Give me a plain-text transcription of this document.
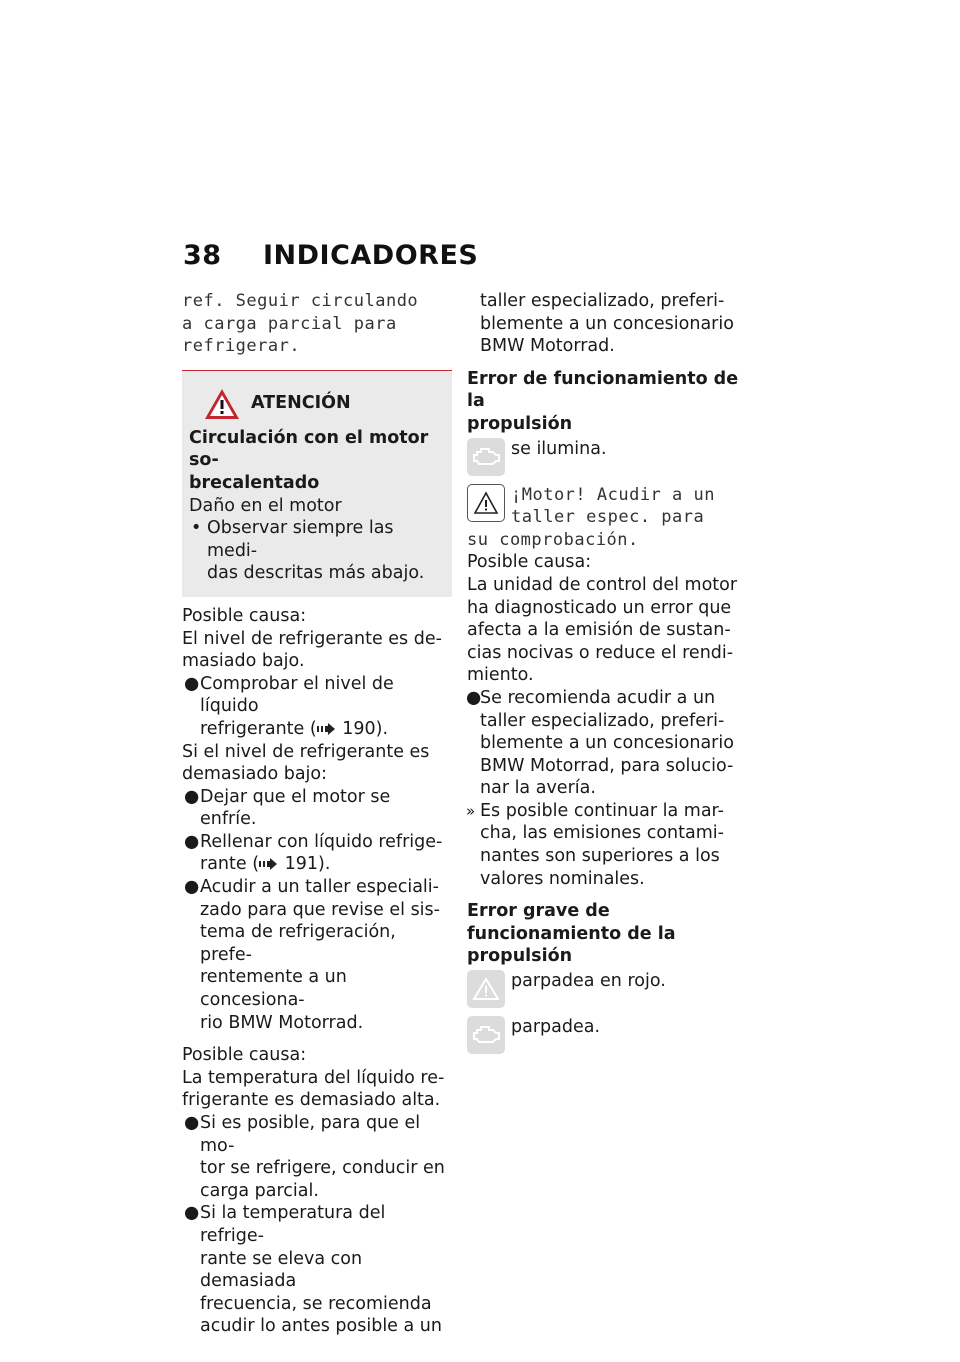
38 INDICADORES
ref. Seguir circulando
a carga parcial para
refrigerar.
ATENCIÓN
Circulación con el motor so-
brecalentado

Daño en el motor

• Observar siempre las medi-
das descritas más abajo.

Posible causa:

El nivel de refrigerante es de-
masiado bajo.
● Comprobar el nivel de líquido
refrigerante ( 190).
Si el nivel de refrigerante es
demasiado bajo:
● Dejar que el motor se enfríe.
● Rellenar con líquido refrige-
rante ( 191).
● Acudir a un taller especiali-
zado para que revise el sis-
tema de refrigeración, prefe-
rentemente a un concesiona-
rio BMW Motorrad.

Posible causa:

La temperatura del líquido re-
frigerante es demasiado alta.
● Si es posible, para que el mo-
tor se refrigere, conducir en
carga parcial.
● Si la temperatura del refrige-
rante se eleva con demasiada
frecuencia, se recomienda
acudir lo antes posible a un
taller especializado, preferi-
blemente a un concesionario
BMW Motorrad.
Error de funcionamiento de la
propulsión
se ilumina.
¡Motor! Acudir a un
taller espec. para
su comprobación.

Posible causa:

La unidad de control del motor
ha diagnosticado un error que
afecta a la emisión de sustan-
cias nocivas o reduce el rendi-
miento.
●
Se recomienda acudir a un
taller especializado, preferi-
blemente a un concesionario
BMW Motorrad, para solucio-
nar la avería.
» Es posible continuar la mar-
cha, las emisiones contami-
nantes son superiores a los
valores nominales.
Error grave de
funcionamiento de la
propulsión
parpadea en rojo.
parpadea.
